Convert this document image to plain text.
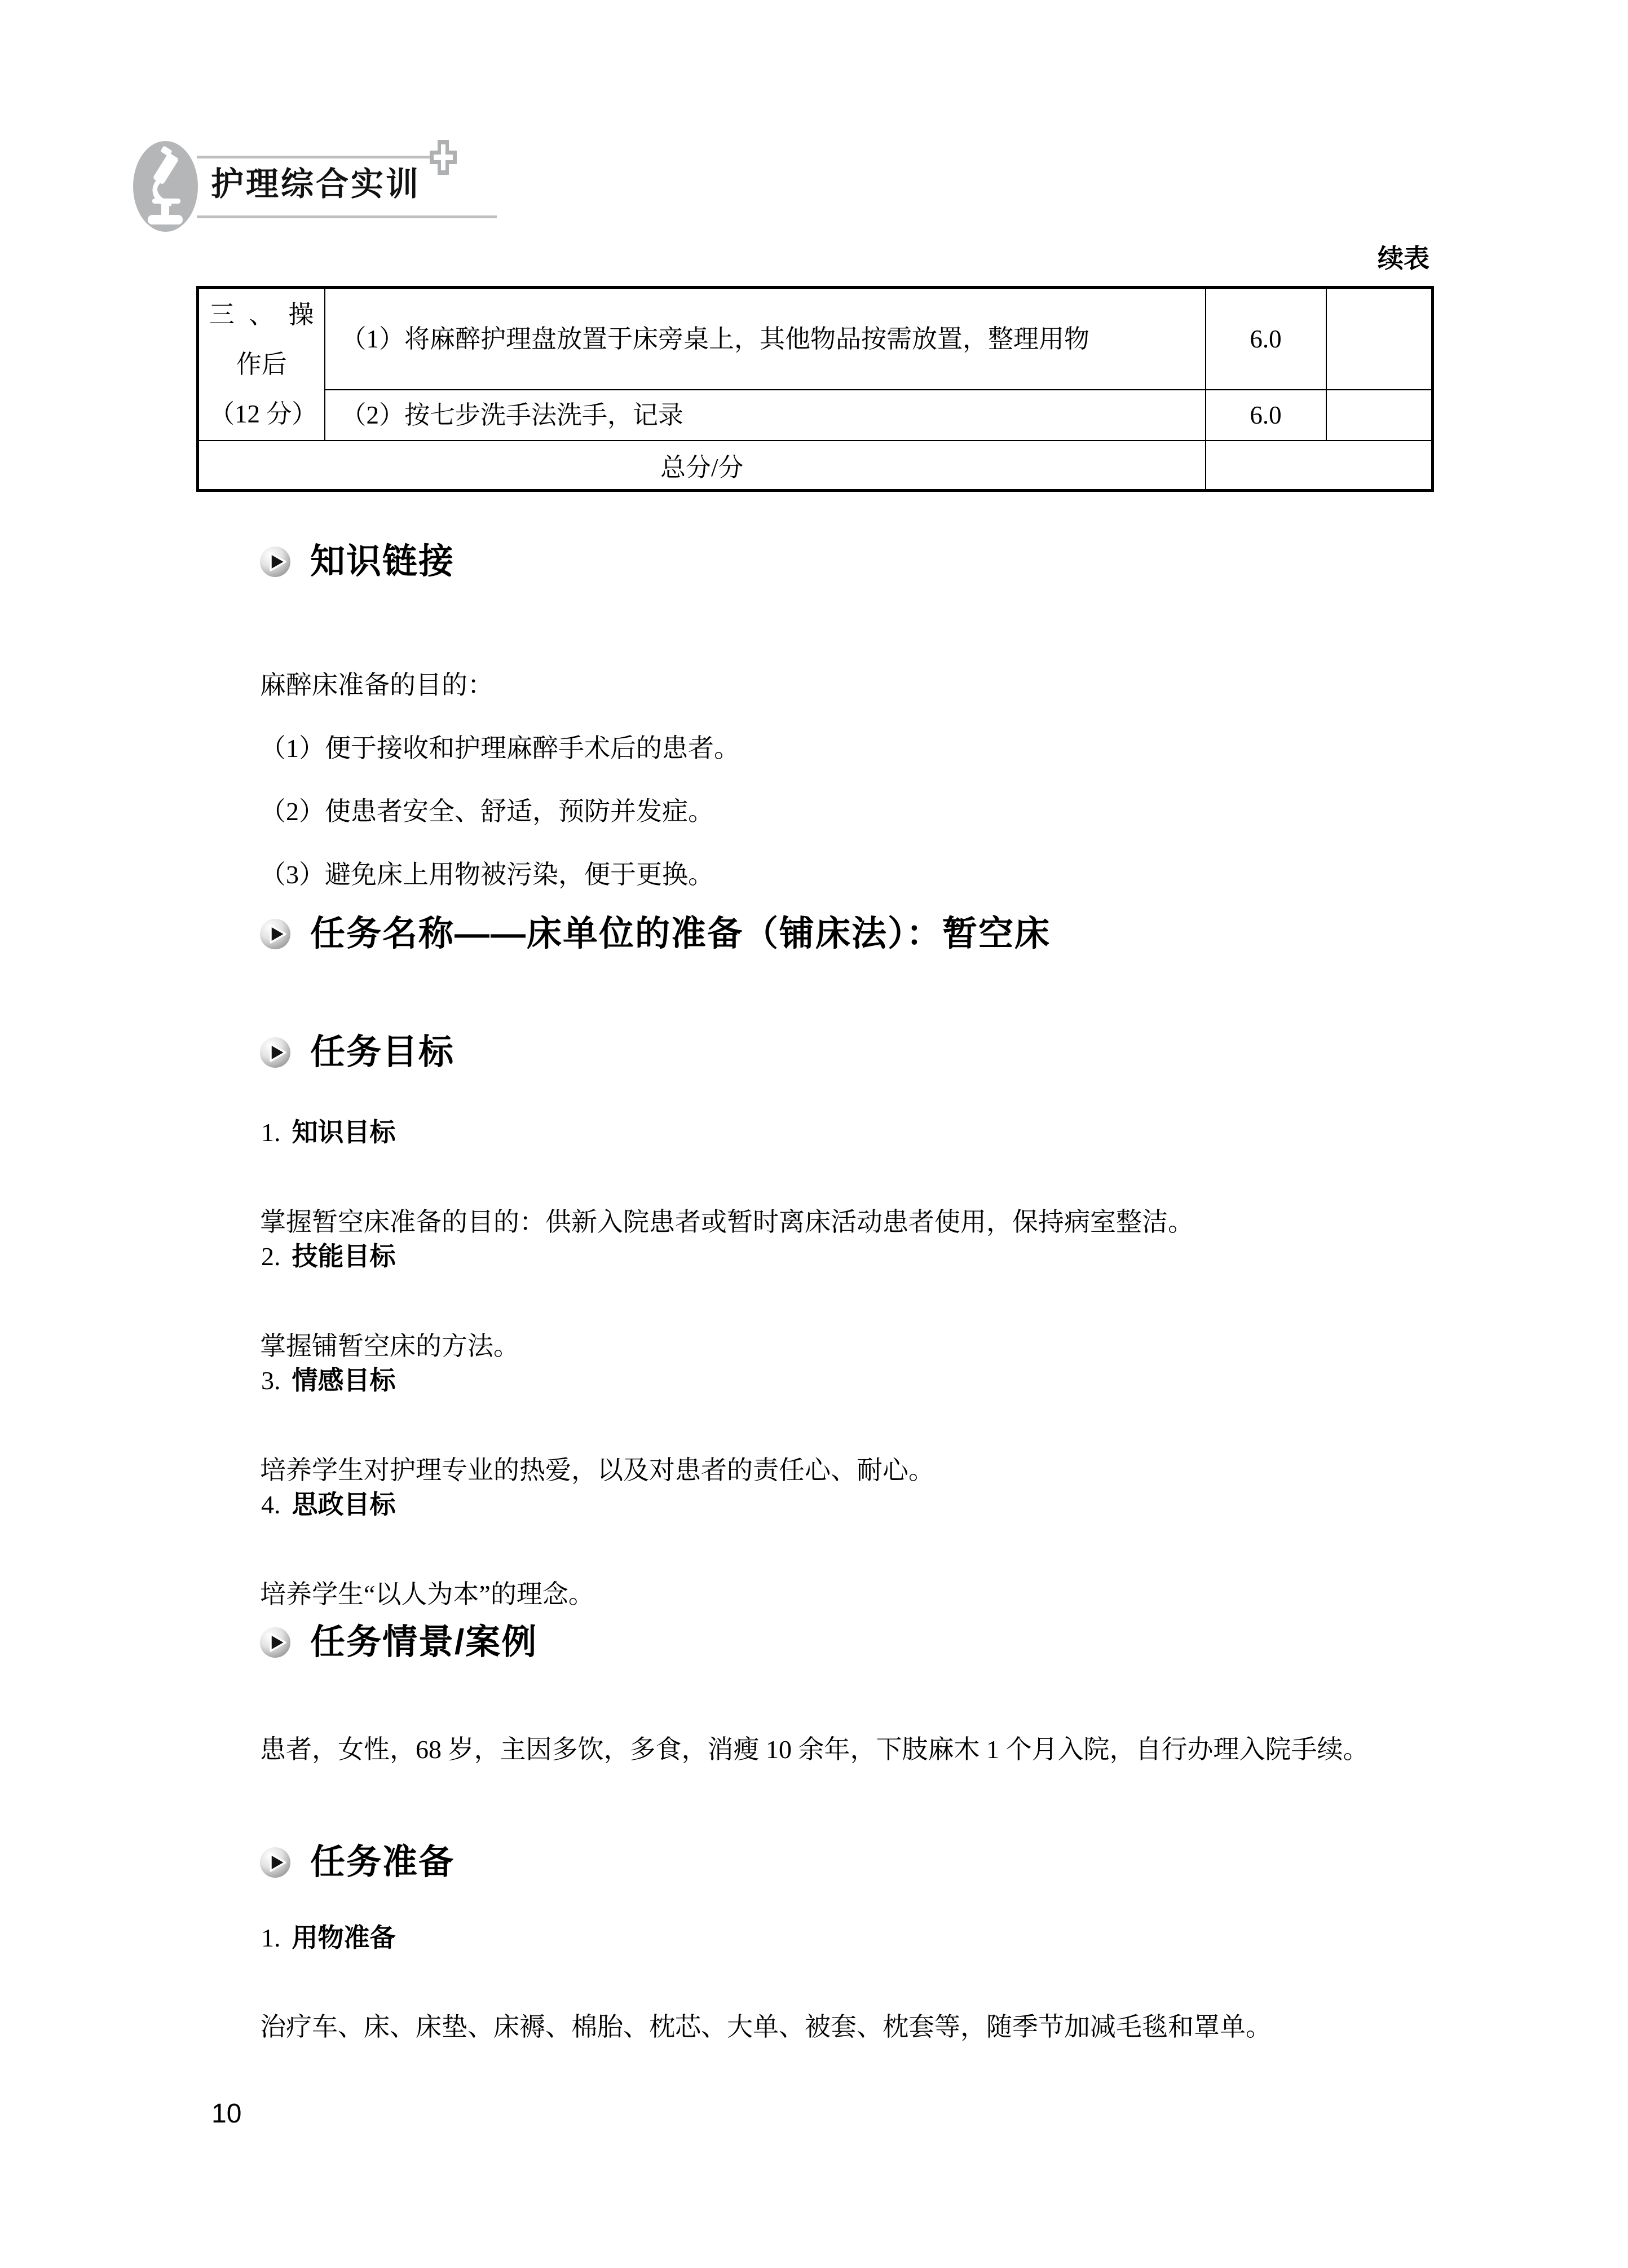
护理综合实训
续表
三、操
作后
（12 分）	（1）将麻醉护理盘放置于床旁桌上，其他物品按需放置，整理用物	6.0	
	（2）按七步洗手法洗手，记录	6.0	
总分/分			
知识链接

麻醉床准备的目的：

（1）便于接收和护理麻醉手术后的患者。

（2）使患者安全、舒适，预防并发症。

（3）避免床上用物被污染，便于更换。

任务名称——床单位的准备（铺床法）：暂空床
任务目标
1. 知识目标

掌握暂空床准备的目的：供新入院患者或暂时离床活动患者使用，保持病室整洁。

2. 技能目标

掌握铺暂空床的方法。

3. 情感目标

培养学生对护理专业的热爱，以及对患者的责任心、耐心。

4. 思政目标

培养学生“以人为本”的理念。

任务情景/案例

患者，女性，68 岁，主因多饮，多食，消瘦 10 余年，下肢麻木 1 个月入院，自行办理入院手续。

任务准备
1. 用物准备

治疗车、床、床垫、床褥、棉胎、枕芯、大单、被套、枕套等，随季节加减毛毯和罩单。

10
